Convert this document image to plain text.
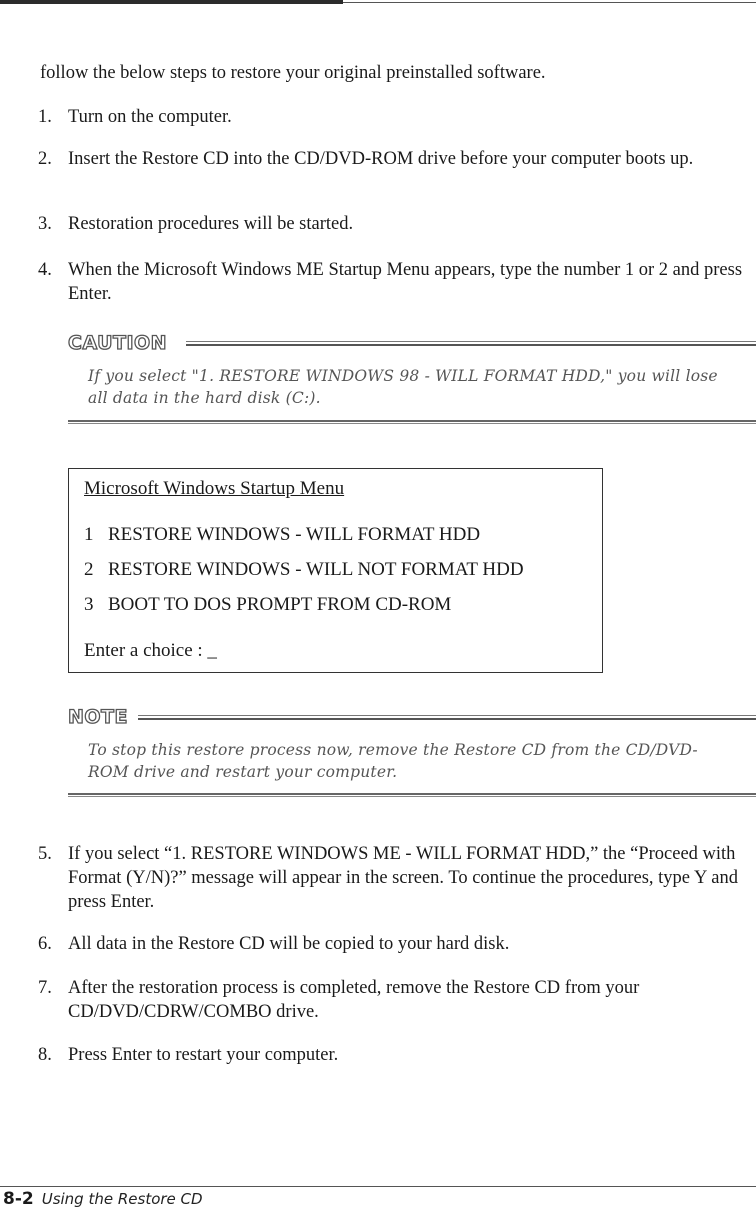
follow the below steps to restore your original preinstalled software.
1. Turn on the computer.
2. Insert the Restore CD into the CD/DVD-ROM drive before your computer boots up.
3. Restoration procedures will be started.
4. When the Microsoft Windows ME Startup Menu appears, type the number 1 or 2 and press Enter.
CAUTION
If you select "1. RESTORE WINDOWS 98 - WILL FORMAT HDD," you will lose all data in the hard disk (C:).
Microsoft Windows Startup Menu
1 RESTORE WINDOWS - WILL FORMAT HDD
2 RESTORE WINDOWS - WILL NOT FORMAT HDD
3 BOOT TO DOS PROMPT FROM CD-ROM
Enter a choice : _
NOTE
To stop this restore process now, remove the Restore CD from the CD/DVD-ROM drive and restart your computer.
5. If you select “1. RESTORE WINDOWS ME - WILL FORMAT HDD,” the “Proceed with Format (Y/N)?” message will appear in the screen. To continue the procedures, type Y and press Enter.
6. All data in the Restore CD will be copied to your hard disk.
7. After the restoration process is completed, remove the Restore CD from your CD/DVD/CDRW/COMBO drive.
8. Press Enter to restart your computer.
8-2 Using the Restore CD
